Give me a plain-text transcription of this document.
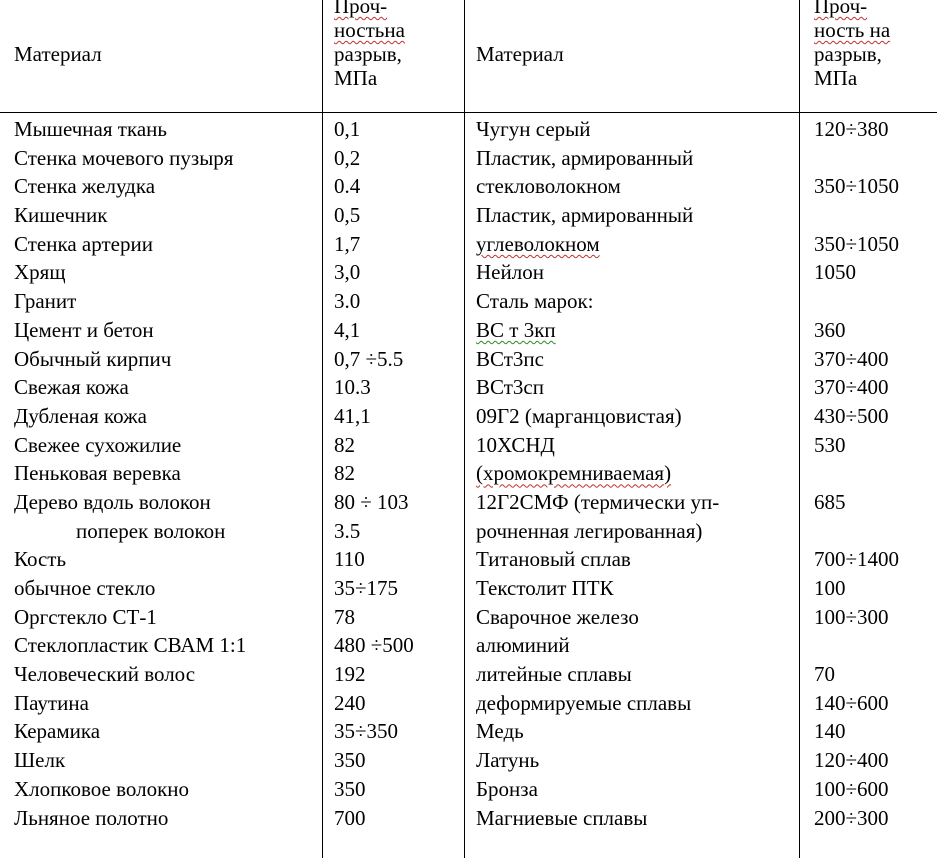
Материал
Проч-
ностьна
разрыв,
МПа
Материал
Проч-
ность на
разрыв,
МПа
Мышечная ткань
Стенка мочевого пузыря
Стенка желудка
Кишечник
Стенка артерии
Хрящ
Гранит
Цемент и бетон
Обычный кирпич
Свежая кожа
Дубленая кожа
Свежее сухожилие
Пеньковая веревка
Дерево вдоль волокон
поперек волокон
Кость
обычное стекло
Оргстекло СТ-1
Стеклопластик СВАМ 1:1
Человеческий волос
Паутина
Керамика
Шелк
Хлопковое волокно
Льняное полотно
0,1
0,2
0.4
0,5
1,7
3,0
3.0
4,1
0,7 ÷5.5
10.3
41,1
82
82
80 ÷ 103
3.5
110
35÷175
78
480 ÷500
192
240
35÷350
350
350
700
Чугун серый
Пластик, армированный
стекловолокном
Пластик, армированный
углеволокном
Нейлон
Сталь марок:
ВС т 3кп
ВСт3пс
ВСт3сп
09Г2 (марганцовистая)
10ХСНД
(хромокремниваемая)
12Г2СМФ (термически уп-
рочненная легированная)
Титановый сплав
Текстолит ПТК
Сварочное железо
алюминий
литейные сплавы
деформируемые сплавы
Медь
Латунь
Бронза
Магниевые сплавы
120÷380
350÷1050
350÷1050
1050
360
370÷400
370÷400
430÷500
530
685
700÷1400
100
100÷300
70
140÷600
140
120÷400
100÷600
200÷300
